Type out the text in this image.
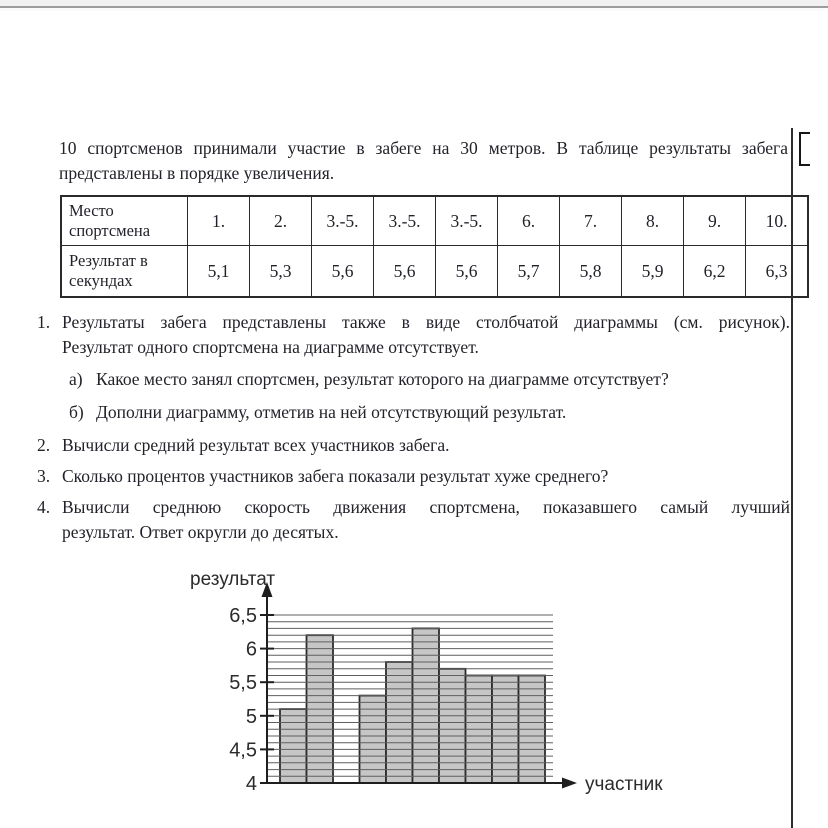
10 спортсменов принимали участие в забеге на 30 метров. В таблице результаты забега
представлены в порядке увеличения.
Место спортсмена	1.	2.	3.-5.	3.-5.	3.-5.	6.	7.	8.	9.	10.
Результат в секундах	5,1	5,3	5,6	5,6	5,6	5,7	5,8	5,9	6,2	6,3
1. Результаты забега представлены также в виде столбчатой диаграммы (см. рисунок).
Результат одного спортсмена на диаграмме отсутствует.
а) Какое место занял спортсмен, результат которого на диаграмме отсутствует?
б) Дополни диаграмму, отметив на ней отсутствующий результат.
2. Вычисли средний результат всех участников забега.
3. Сколько процентов участников забега показали результат хуже среднего?
4. Вычисли среднюю скорость движения спортсмена, показавшего самый лучший
результат. Ответ округли до десятых.
4
4,5
5
5,5
6
6,5
результат
участник
